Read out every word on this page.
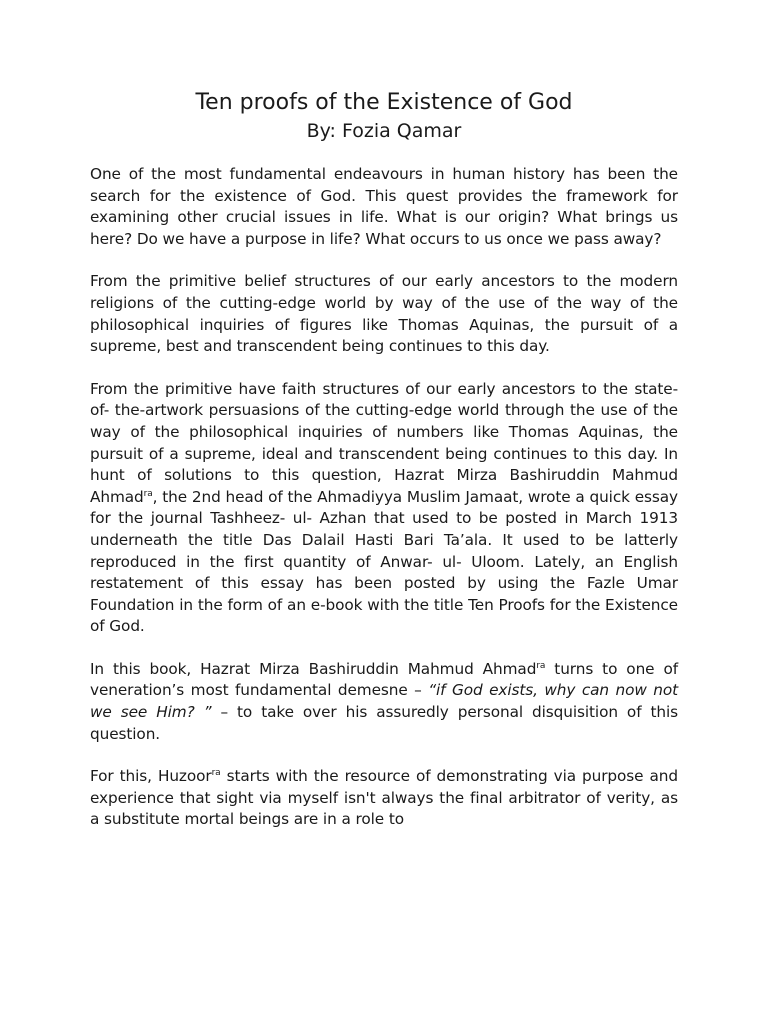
Ten proofs of the Existence of God
By: Fozia Qamar

One of the most fundamental endeavours in human history has been the search for the existence of God. This quest provides the framework for examining other crucial issues in life. What is our origin? What brings us here? Do we have a purpose in life? What occurs to us once we pass away?

From the primitive belief structures of our early ancestors to the modern religions of the cutting-edge world by way of the use of the way of the philosophical inquiries of figures like Thomas Aquinas, the pursuit of a supreme, best and transcendent being continues to this day.

From the primitive have faith structures of our early ancestors to the state-of- the-artwork persuasions of the cutting-edge world through the use of the way of the philosophical inquiries of numbers like Thomas Aquinas, the pursuit of a supreme, ideal and transcendent being continues to this day. In hunt of solutions to this question, Hazrat Mirza Bashiruddin Mahmud Ahmad$^{ra}$, the 2nd head of the Ahmadiyya Muslim Jamaat, wrote a quick essay for the journal Tashheez- ul- Azhan that used to be posted in March 1913 underneath the title Das Dalail Hasti Bari Ta’ala. It used to be latterly reproduced in the first quantity of Anwar- ul- Uloom. Lately, an English restatement of this essay has been posted by using the Fazle Umar Foundation in the form of an e-book with the title Ten Proofs for the Existence of God.

In this book, Hazrat Mirza Bashiruddin Mahmud Ahmad$^{ra}$ turns to one of veneration’s most fundamental demesne – “if God exists, why can now not we see Him? ” – to take over his assuredly personal disquisition of this question.

For this, Huzoor$^{ra}$ starts with the resource of demonstrating via purpose and experience that sight via myself isn't always the final arbitrator of verity, as a substitute mortal beings are in a role to
